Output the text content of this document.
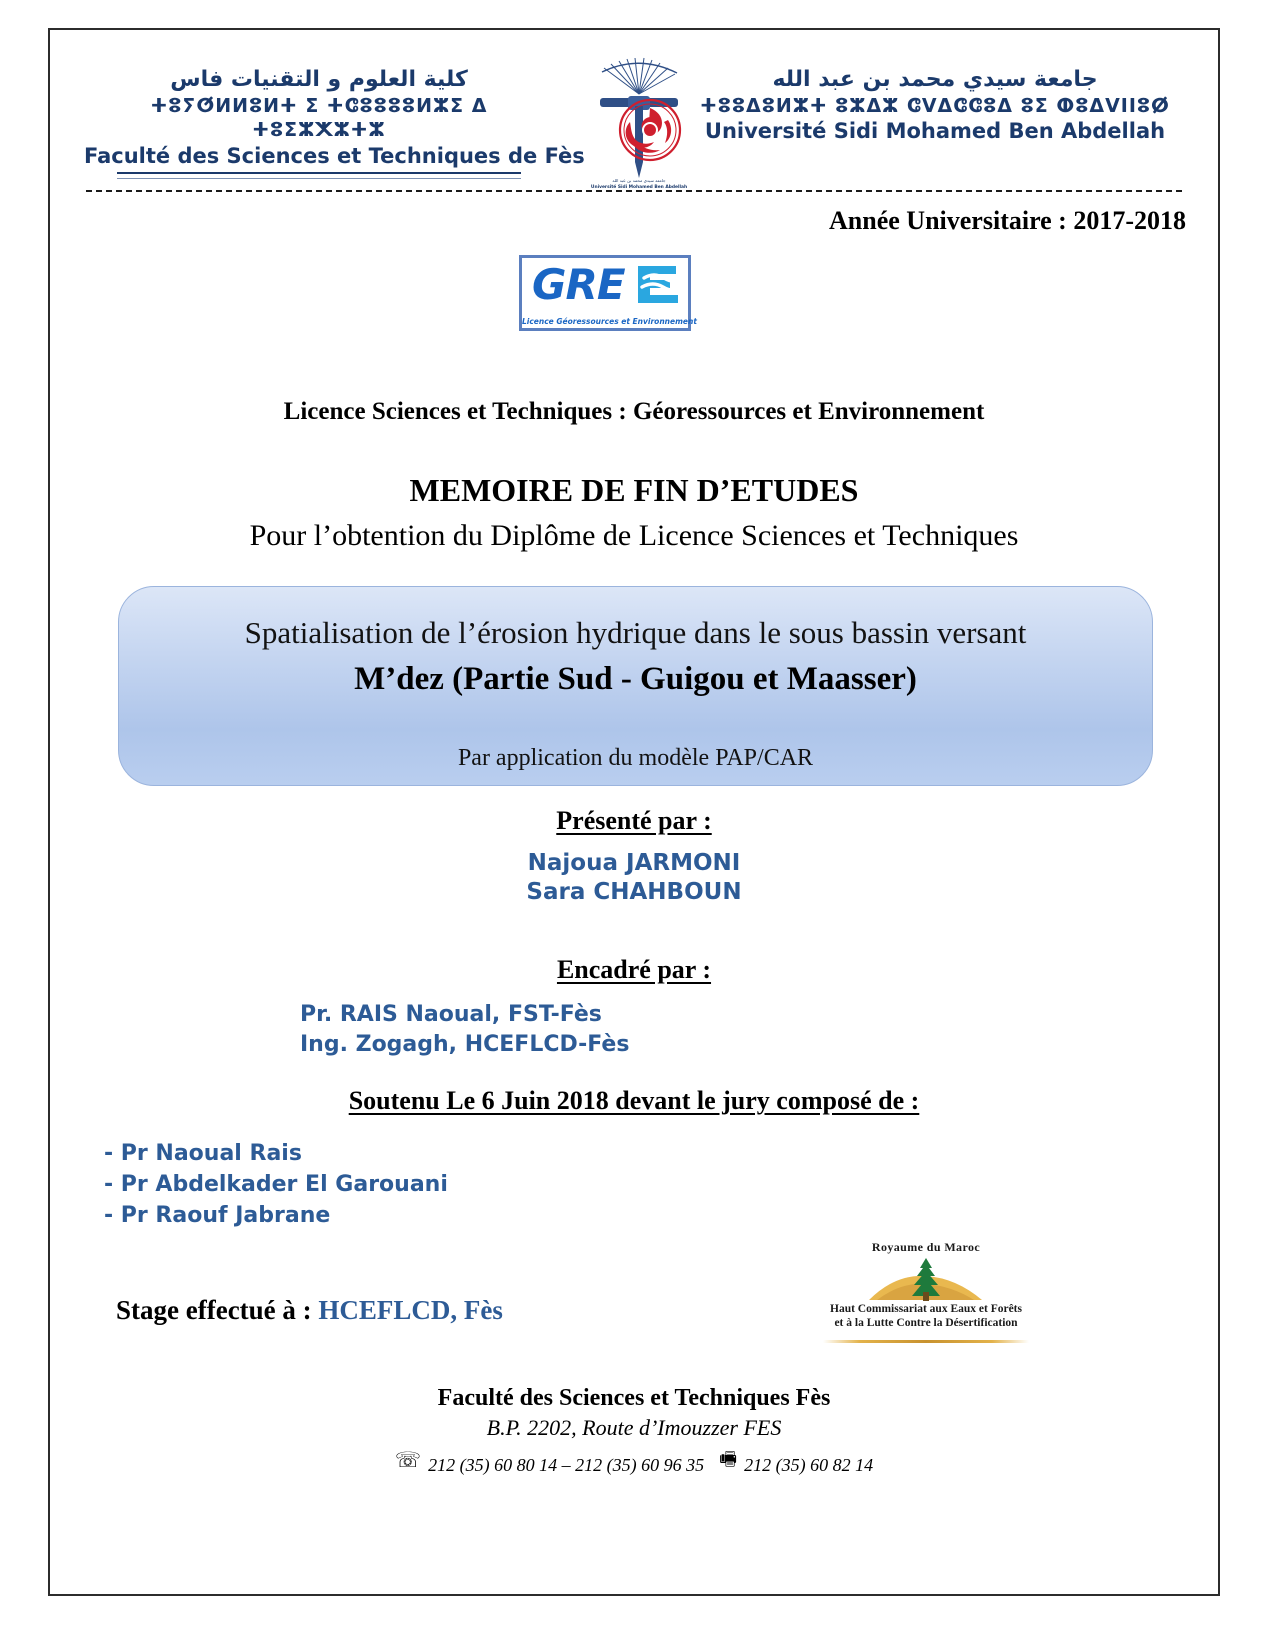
كلية العلوم و التقنيات فاس
ⵜⵓⵢⵚⵍⵍⵓⵍⵜ ⵉ ⵜⵛⵓⵓⵓⵓⵍⵣⵉ ⵠ ⵜⵓⵉⵣⵅⵣⵜⵣ
Faculté des Sciences et Techniques de Fès
جامعة سيدي محمد بن عبد الله
Université Sidi Mohamed Ben Abdellah
جامعة سيدي محمد بن عبد الله
ⵜⵓⵓⵠⵓⵍⵣⵜ ⵓⵣⵠⵣ ⵛⴸⵠⵛⵛⵓⵠ ⵓⵉ ⵀⵓⵠⴸⵏⵏⵓⵁ
Université Sidi Mohamed Ben Abdellah
Année Universitaire : 2017-2018
GRE
Licence Géoressources et Environnement
Licence Sciences et Techniques : Géoressources et Environnement
MEMOIRE DE FIN D’ETUDES
Pour l’obtention du Diplôme de Licence Sciences et Techniques
Spatialisation de l’érosion hydrique dans le sous bassin versant
M’dez (Partie Sud - Guigou et Maasser)
Par application du modèle PAP/CAR
Présenté par :
Najoua JARMONI
Sara CHAHBOUN
Encadré par :
Pr. RAIS Naoual, FST-Fès
Ing. Zogagh, HCEFLCD-Fès
Soutenu Le 6 Juin 2018 devant le jury composé de :
- Pr Naoual Rais
- Pr Abdelkader El Garouani
- Pr Raouf Jabrane
Royaume du Maroc
Haut Commissariat aux Eaux et Forêts
et à la Lutte Contre la Désertification
Stage effectué à : HCEFLCD, Fès
Faculté des Sciences et Techniques Fès
B.P. 2202, Route d’Imouzzer FES
☏ 212 (35) 60 80 14 – 212 (35) 60 96 35 🖷 212 (35) 60 82 14
